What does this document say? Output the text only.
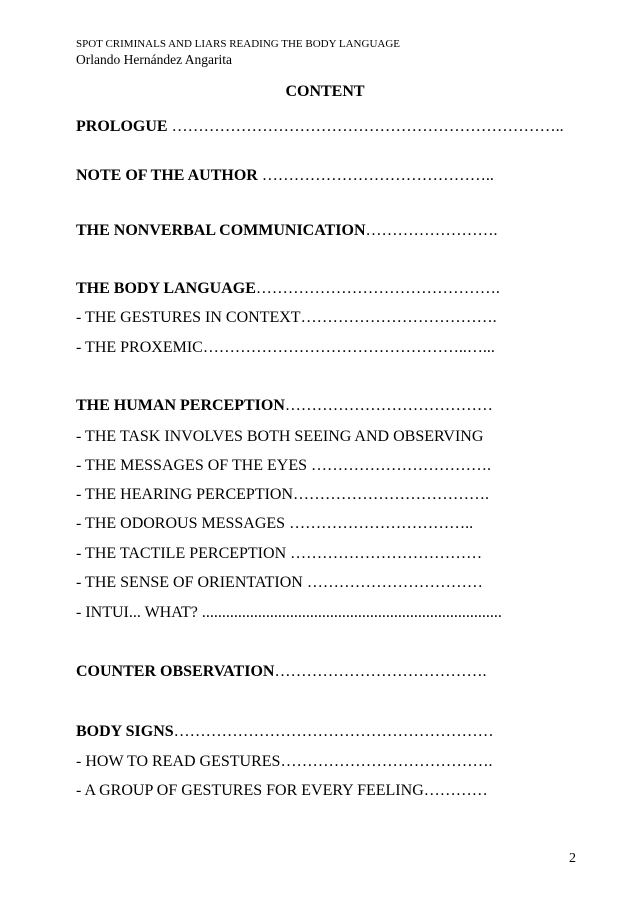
SPOT CRIMINALS AND LIARS READING THE BODY LANGUAGE
Orlando Hernández Angarita
CONTENT
PROLOGUE ………………………………………………………………..
NOTE OF THE AUTHOR ……………………………………..
THE NONVERBAL COMMUNICATION…………………….
THE BODY LANGUAGE……………………………………….
- THE GESTURES IN CONTEXT……………………………….
- THE PROXEMIC…………………………………………..…...
THE HUMAN PERCEPTION…………………………………
- THE TASK INVOLVES BOTH SEEING AND OBSERVING
- THE MESSAGES OF THE EYES …………………………….
- THE HEARING PERCEPTION……………………………….
- THE ODOROUS MESSAGES ……………………………..
- THE TACTILE PERCEPTION ………………………………
- THE SENSE OF ORIENTATION ……………………………
- INTUI... WHAT? ...........................................................................
COUNTER OBSERVATION………………………………….
BODY SIGNS……………………………………………………
- HOW TO READ GESTURES………………………………….
- A GROUP OF GESTURES FOR EVERY FEELING…………
2
